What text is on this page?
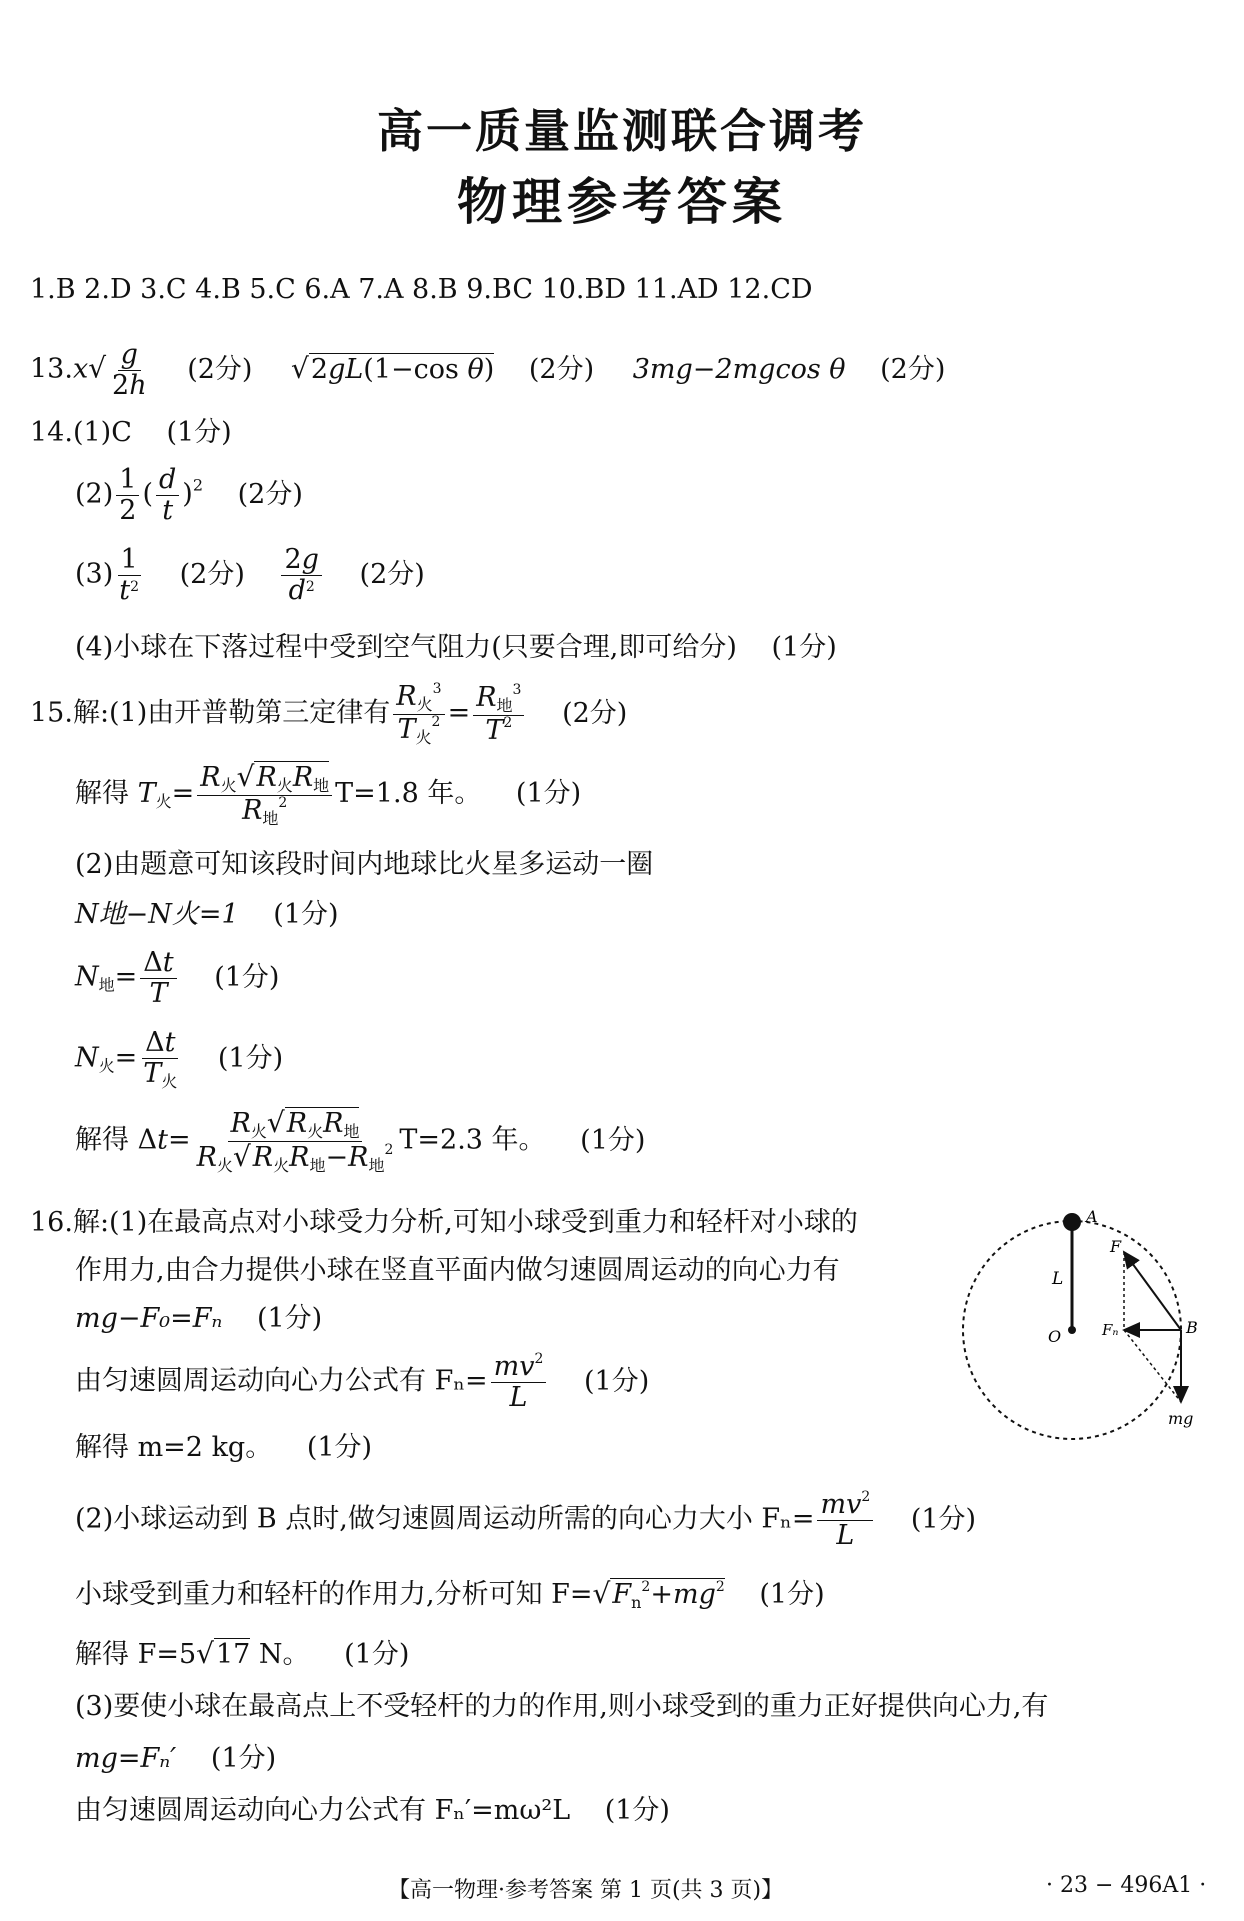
高一质量监测联合调考
物理参考答案
1.B 2.D 3.C 4.B 5.C 6.A 7.A 8.B 9.BC 10.BD 11.AD 12.CD
$13.x√ \frac{g}{2h} (2$分) √2gL(1−cos θ) (2分) 3mg−2mgcos θ (2分)
14.(1)C (1分)
$(2) \frac{1}{2}$ ( $\frac{d}{t} )^2$ (2分)
$(3) \frac{1}{t^2} (2$分) $\frac{2g}{d^2} (2$分)
(4)小球在下落过程中受到空气阻力(只要合理,即可给分) (1分)
15.解:(1)由开普勒第三定律有 $\frac{R_火^3}{T_火^2} = \frac{R_地^3}{T^2} (2$分)
解得 $T_火= \frac{R_火√R_火R_地}{R_地^2} T=1.8$ 年。 (1分)
(2)由题意可知该段时间内地球比火星多运动一圈
N地−N火=1 (1分)
$N_地= \frac{\Delta t}{T} (1$分)
$N_火= \frac{\Delta t}{T_火} (1$分)
解得 $\Delta t= \frac{R_火√R_火R_地}{R_火√R_火R_地-R_地^2} T=2.3$ 年。 (1分)
16.解:(1)在最高点对小球受力分析,可知小球受到重力和轻杆对小球的
作用力,由合力提供小球在竖直平面内做匀速圆周运动的向心力有
mg−F₀=Fₙ (1分)
由匀速圆周运动向心力公式有 $F_n= \frac{mv^2}{L} (1$分)
解得 m=2 kg。 (1分)
(2)小球运动到 B 点时,做匀速圆周运动所需的向心力大小 $F_n= \frac{mv^2}{L} (1$分)
小球受到重力和轻杆的作用力,分析可知 $F=√F_n^2+mg^2$ (1分)
解得 F=5√17 N。 (1分)
(3)要使小球在最高点上不受轻杆的力的作用,则小球受到的重力正好提供向心力,有
mg=Fₙ′ (1分)
由匀速圆周运动向心力公式有 Fₙ′=mω²L (1分)
A
L
O
F
Fₙ	B
mg
【高一物理·参考答案 第 1 页(共 3 页)】	· 23 − 496A1 ·
